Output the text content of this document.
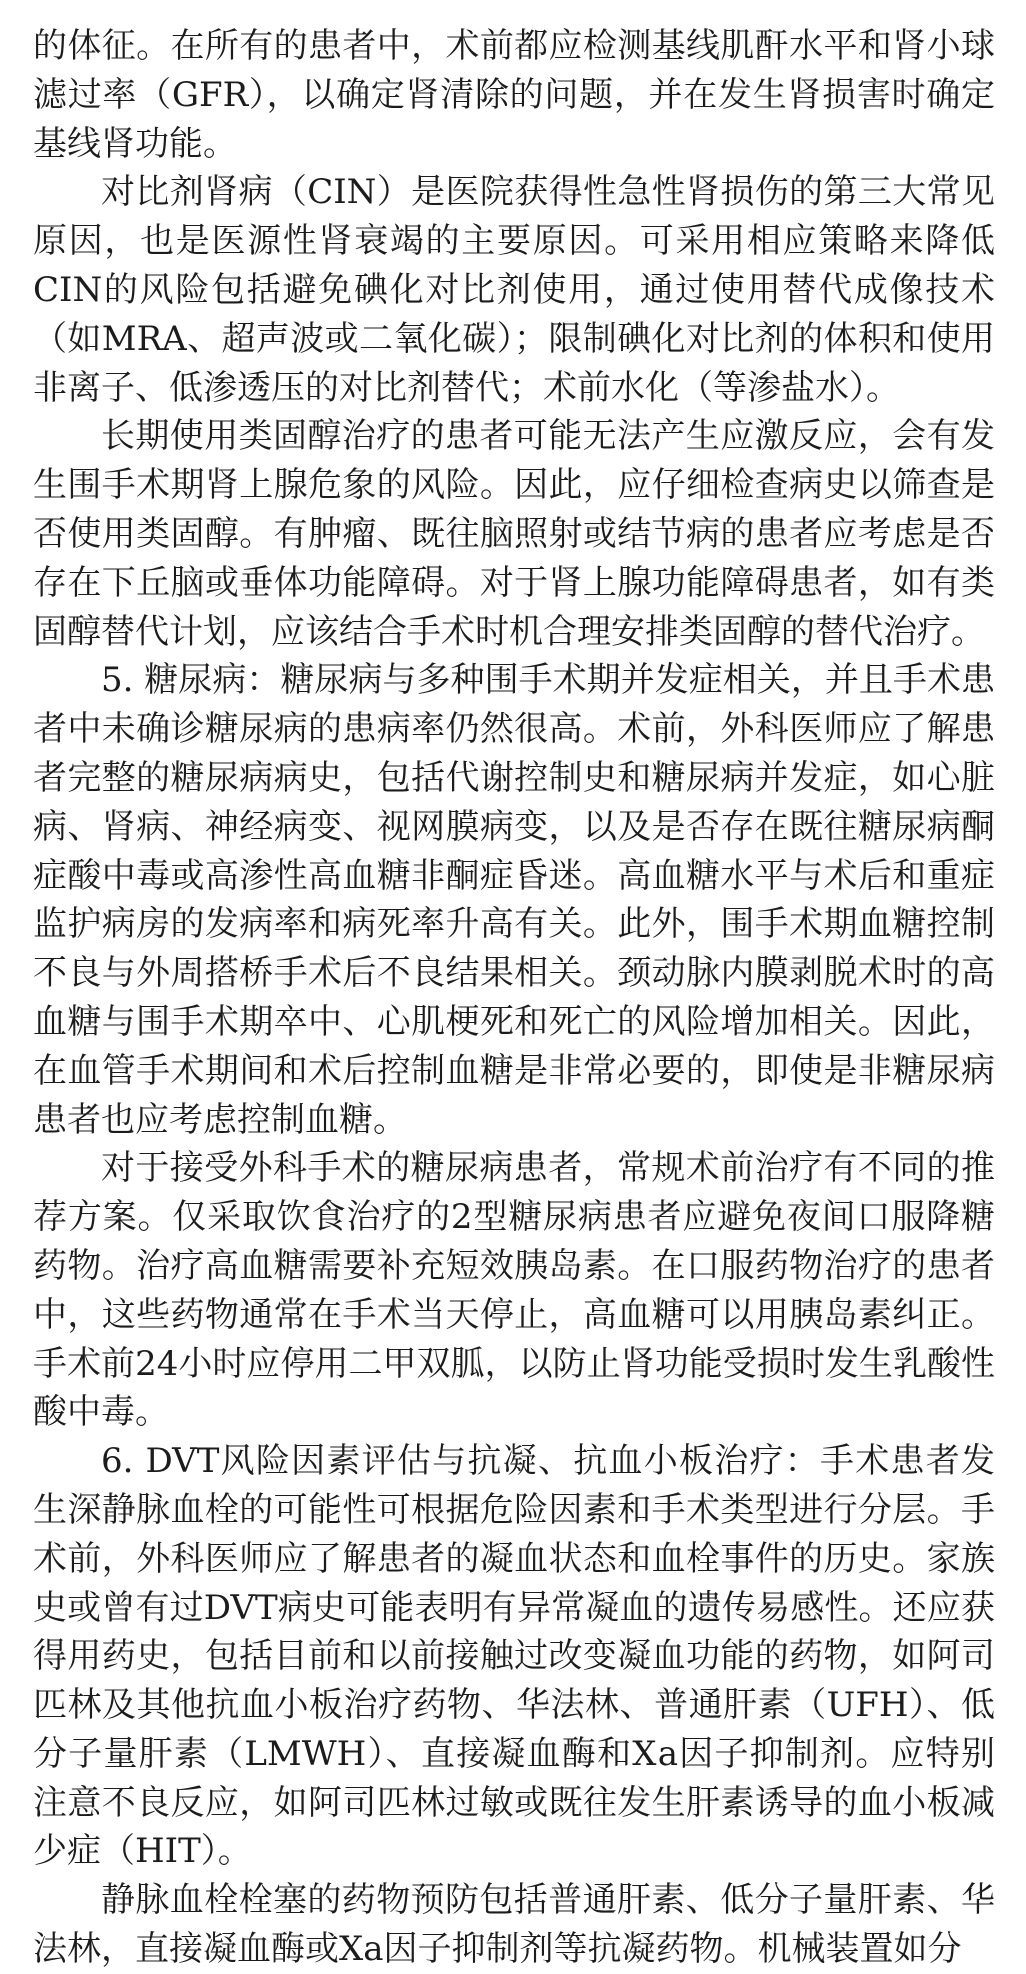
的体征。在所有的患者中，术前都应检测基线肌酐水平和肾小球滤过率（GFR），以确定肾清除的问题，并在发生肾损害时确定基线肾功能。

对比剂肾病（CIN）是医院获得性急性肾损伤的第三大常见原因，也是医源性肾衰竭的主要原因。可采用相应策略来降低CIN的风险包括避免碘化对比剂使用，通过使用替代成像技术（如MRA、超声波或二氧化碳）；限制碘化对比剂的体积和使用非离子、低渗透压的对比剂替代；术前水化（等渗盐水）。

长期使用类固醇治疗的患者可能无法产生应激反应，会有发生围手术期肾上腺危象的风险。因此，应仔细检查病史以筛查是否使用类固醇。有肿瘤、既往脑照射或结节病的患者应考虑是否存在下丘脑或垂体功能障碍。对于肾上腺功能障碍患者，如有类固醇替代计划，应该结合手术时机合理安排类固醇的替代治疗。

5. 糖尿病：糖尿病与多种围手术期并发症相关，并且手术患者中未确诊糖尿病的患病率仍然很高。术前，外科医师应了解患者完整的糖尿病病史，包括代谢控制史和糖尿病并发症，如心脏病、肾病、神经病变、视网膜病变，以及是否存在既往糖尿病酮症酸中毒或高渗性高血糖非酮症昏迷。高血糖水平与术后和重症监护病房的发病率和病死率升高有关。此外，围手术期血糖控制不良与外周搭桥手术后不良结果相关。颈动脉内膜剥脱术时的高血糖与围手术期卒中、心肌梗死和死亡的风险增加相关。因此，在血管手术期间和术后控制血糖是非常必要的，即使是非糖尿病患者也应考虑控制血糖。

对于接受外科手术的糖尿病患者，常规术前治疗有不同的推荐方案。仅采取饮食治疗的2型糖尿病患者应避免夜间口服降糖药物。治疗高血糖需要补充短效胰岛素。在口服药物治疗的患者中，这些药物通常在手术当天停止，高血糖可以用胰岛素纠正。手术前24小时应停用二甲双胍，以防止肾功能受损时发生乳酸性酸中毒。

6. DVT风险因素评估与抗凝、抗血小板治疗：手术患者发生深静脉血栓的可能性可根据危险因素和手术类型进行分层。手术前，外科医师应了解患者的凝血状态和血栓事件的历史。家族史或曾有过DVT病史可能表明有异常凝血的遗传易感性。还应获得用药史，包括目前和以前接触过改变凝血功能的药物，如阿司匹林及其他抗血小板治疗药物、华法林、普通肝素（UFH）、低分子量肝素（LMWH）、直接凝血酶和Ⅹa因子抑制剂。应特别注意不良反应，如阿司匹林过敏或既往发生肝素诱导的血小板减少症（HIT）。

静脉血栓栓塞的药物预防包括普通肝素、低分子量肝素、华法林，直接凝血酶或Ⅹa因子抑制剂等抗凝药物。机械装置如分
